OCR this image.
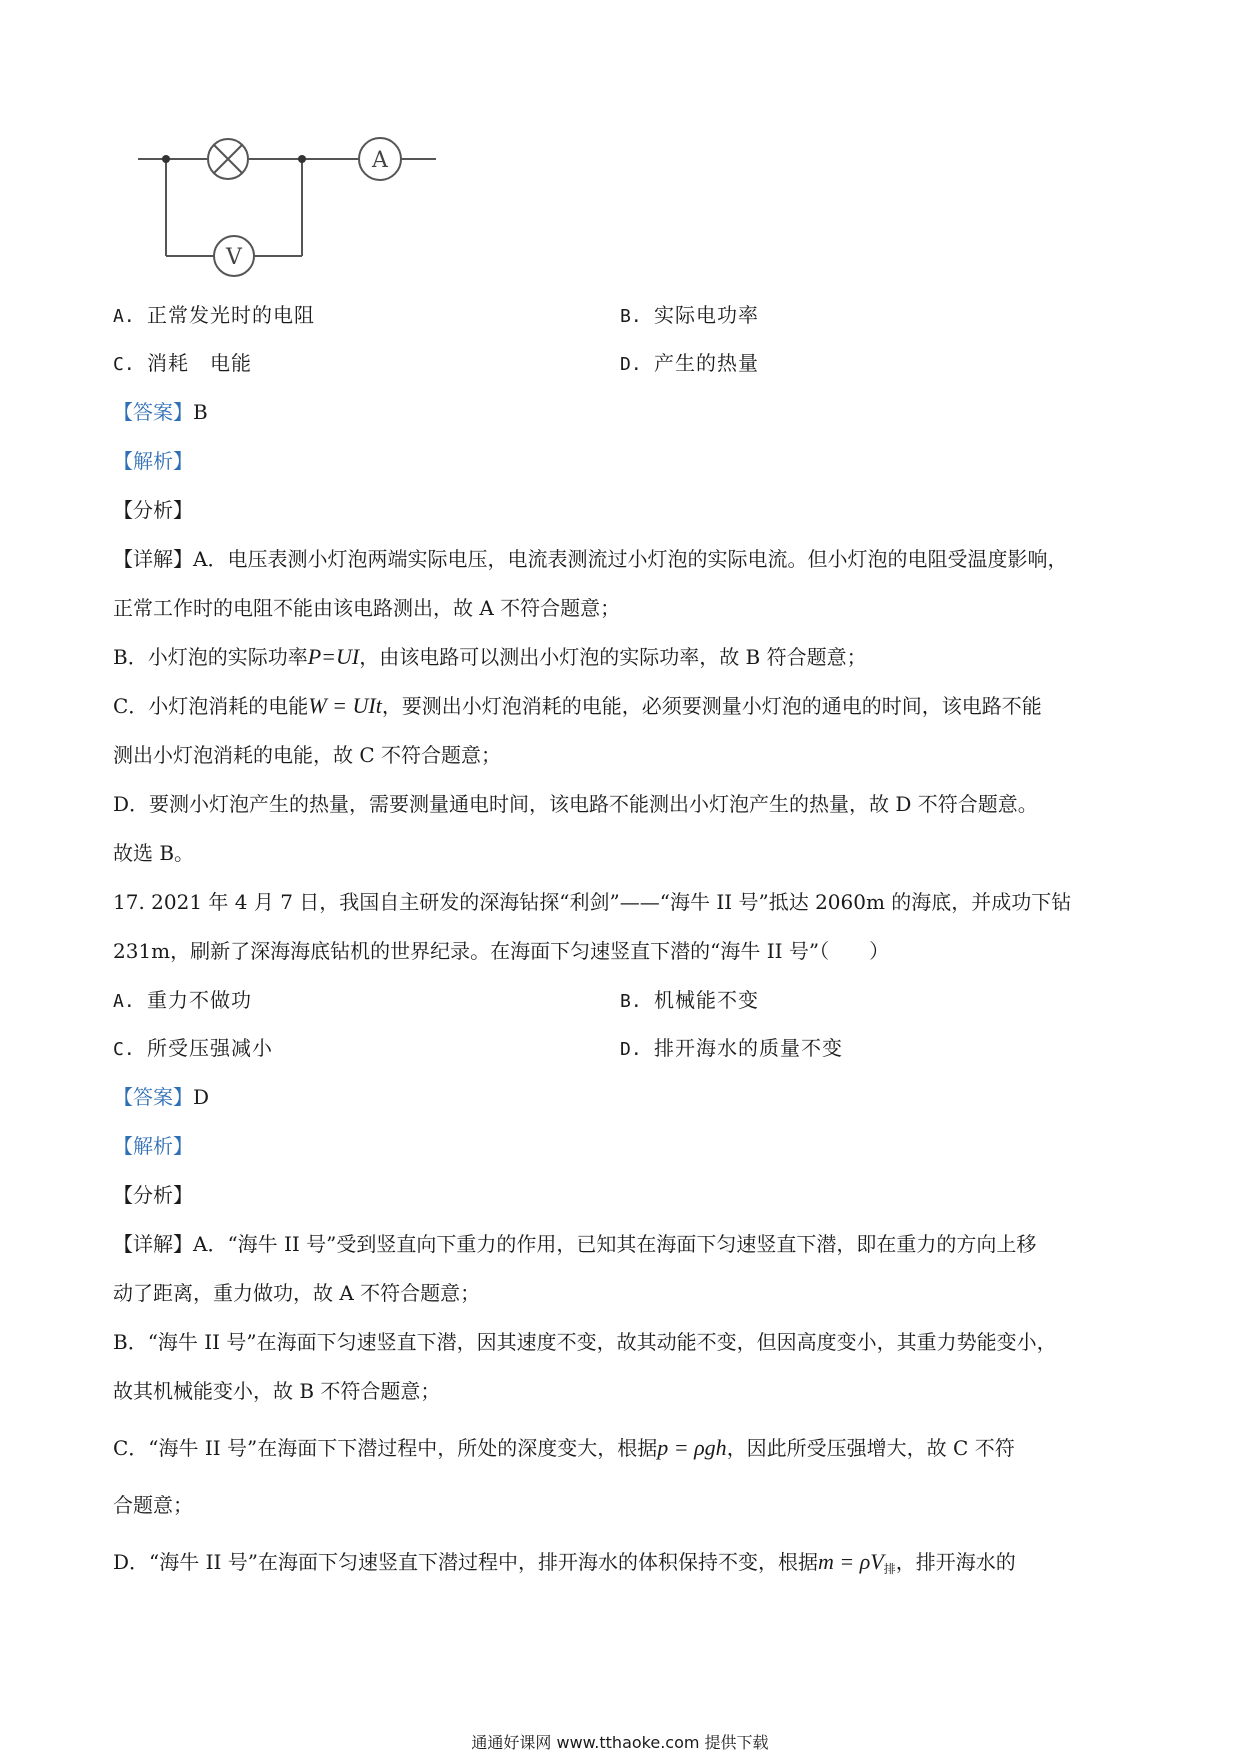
A
V
A. 正常发光时的电阻	B. 实际电功率
C. 消耗　电能	D. 产生的热量
【答案】B
【解析】
【分析】
【详解】A．电压表测小灯泡两端实际电压，电流表测流过小灯泡的实际电流。但小灯泡的电阻受温度影响，
正常工作时的电阻不能由该电路测出，故 A 不符合题意；
B．小灯泡的实际功率P=UI，由该电路可以测出小灯泡的实际功率，故 B 符合题意；
C．小灯泡消耗的电能W = UIt，要测出小灯泡消耗的电能，必须要测量小灯泡的通电的时间，该电路不能
测出小灯泡消耗的电能，故 C 不符合题意；
D．要测小灯泡产生的热量，需要测量通电时间，该电路不能测出小灯泡产生的热量，故 D 不符合题意。
故选 B。
17. 2021 年 4 月 7 日，我国自主研发的深海钻探“利剑”——“海牛 II 号”抵达 2060m 的海底，并成功下钻
231m，刷新了深海海底钻机的世界纪录。在海面下匀速竖直下潜的“海牛 II 号”（　　）
A. 重力不做功	B. 机械能不变
C. 所受压强减小	D. 排开海水的质量不变
【答案】D
【解析】
【分析】
【详解】A．“海牛 II 号”受到竖直向下重力的作用，已知其在海面下匀速竖直下潜，即在重力的方向上移
动了距离，重力做功，故 A 不符合题意；
B．“海牛 II 号”在海面下匀速竖直下潜，因其速度不变，故其动能不变，但因高度变小，其重力势能变小，
故其机械能变小，故 B 不符合题意；
C．“海牛 II 号”在海面下下潜过程中，所处的深度变大，根据p = ρgh，因此所受压强增大，故 C 不符
合题意；
D．“海牛 II 号”在海面下匀速竖直下潜过程中，排开海水的体积保持不变，根据$m = \rho V_排$，排开海水的
通通好课网 www.tthaoke.com 提供下载
